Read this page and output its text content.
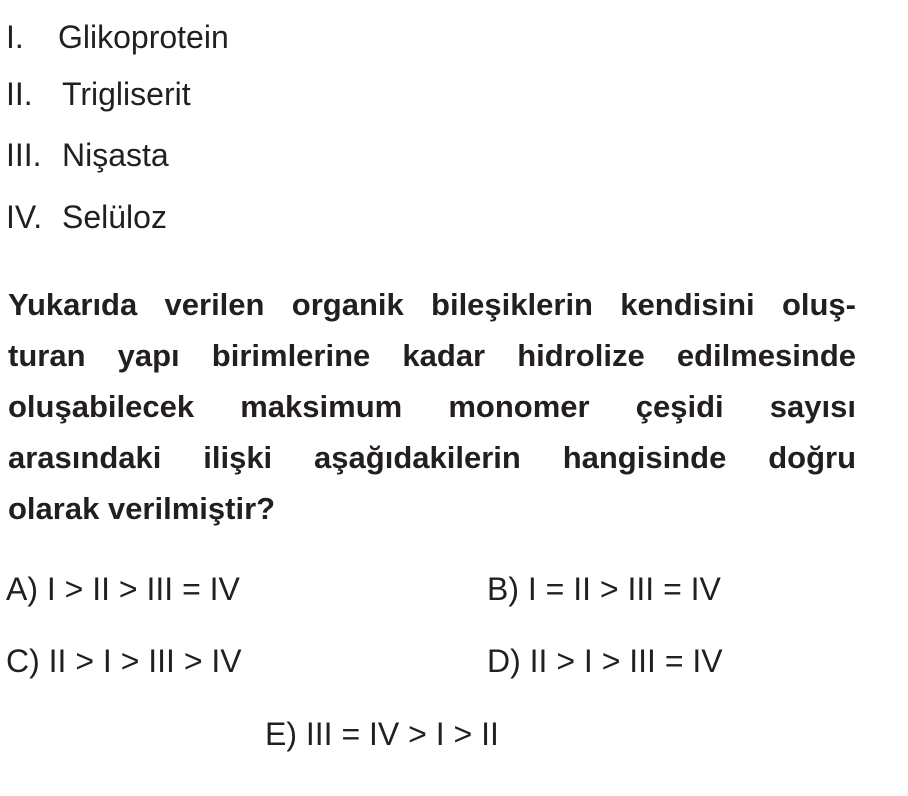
I. Glikoprotein
II. Trigliserit
III. Nişasta
IV. Selüloz
Yukarıda verilen organik bileşiklerin kendisini oluş-
turan yapı birimlerine kadar hidrolize edilmesinde
oluşabilecek maksimum monomer çeşidi sayısı
arasındaki ilişki aşağıdakilerin hangisinde doğru
olarak verilmiştir?
A) I > II > III = IV	B) I = II > III = IV
C) II > I > III > IV	D) II > I > III = IV
E) III = IV > I > II
